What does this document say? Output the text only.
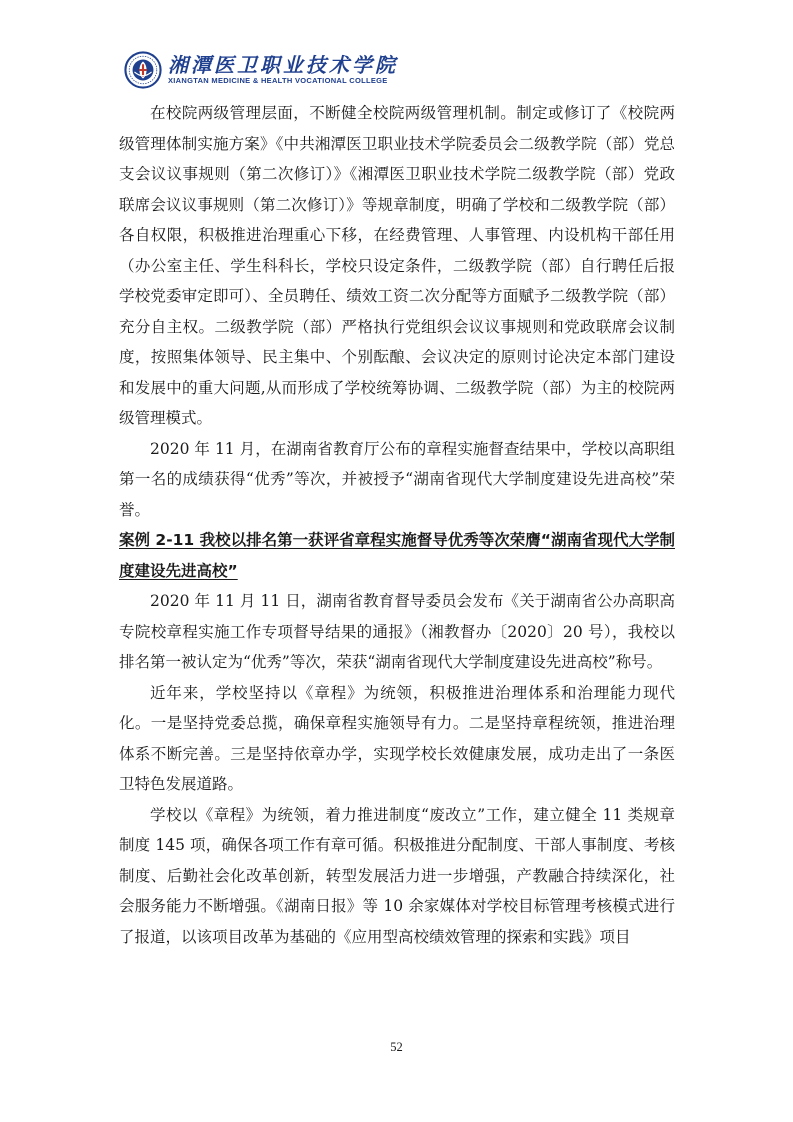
湘潭医卫职业技术学院
XIANGTAN MEDICINE & HEALTH VOCATIONAL COLLEGE

在校院两级管理层面，不断健全校院两级管理机制。制定或修订了《校院两级管理体制实施方案》《中共湘潭医卫职业技术学院委员会二级教学院（部）党总支会议议事规则（第二次修订）》《湘潭医卫职业技术学院二级教学院（部）党政联席会议议事规则（第二次修订）》等规章制度，明确了学校和二级教学院（部）各自权限，积极推进治理重心下移，在经费管理、人事管理、内设机构干部任用（办公室主任、学生科科长，学校只设定条件，二级教学院（部）自行聘任后报学校党委审定即可）、全员聘任、绩效工资二次分配等方面赋予二级教学院（部）充分自主权。二级教学院（部）严格执行党组织会议议事规则和党政联席会议制度，按照集体领导、民主集中、个别酝酿、会议决定的原则讨论决定本部门建设和发展中的重大问题,从而形成了学校统筹协调、二级教学院（部）为主的校院两级管理模式。

2020 年 11 月，在湖南省教育厅公布的章程实施督查结果中，学校以高职组第一名的成绩获得“优秀”等次，并被授予“湖南省现代大学制度建设先进高校”荣誉。

案例 2-11 我校以排名第一获评省章程实施督导优秀等次荣膺“湖南省现代大学制度建设先进高校”

2020 年 11 月 11 日，湖南省教育督导委员会发布《关于湖南省公办高职高专院校章程实施工作专项督导结果的通报》（湘教督办〔2020〕20 号），我校以排名第一被认定为“优秀”等次，荣获“湖南省现代大学制度建设先进高校”称号。

近年来，学校坚持以《章程》为统领，积极推进治理体系和治理能力现代化。一是坚持党委总揽，确保章程实施领导有力。二是坚持章程统领，推进治理体系不断完善。三是坚持依章办学，实现学校长效健康发展，成功走出了一条医卫特色发展道路。

学校以《章程》为统领，着力推进制度“废改立”工作，建立健全 11 类规章制度 145 项，确保各项工作有章可循。积极推进分配制度、干部人事制度、考核制度、后勤社会化改革创新，转型发展活力进一步增强，产教融合持续深化，社会服务能力不断增强。《湖南日报》等 10 余家媒体对学校目标管理考核模式进行了报道，以该项目改革为基础的《应用型高校绩效管理的探索和实践》项目

52
